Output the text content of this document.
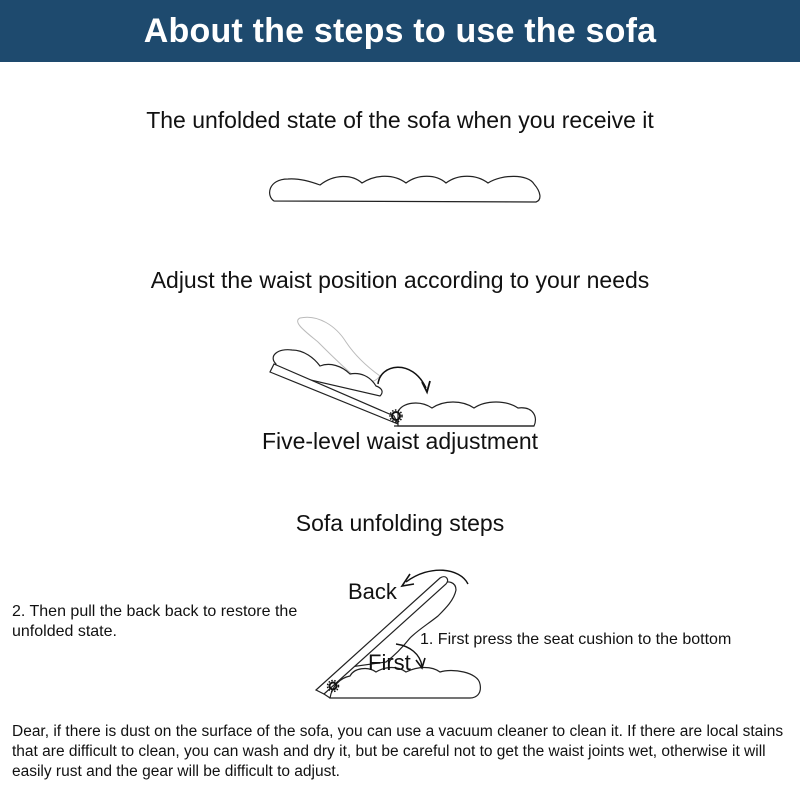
About the steps to use the sofa
The unfolded state of the sofa when you receive it
Adjust the waist position according to your needs
Five-level waist adjustment
Sofa unfolding steps
2. Then pull the back back to restore the unfolded state.
Back
First
1. First press the seat cushion to the bottom
Dear, if there is dust on the surface of the sofa, you can use a vacuum cleaner to clean it. If there are local stains that are difficult to clean, you can wash and dry it, but be careful not to get the waist joints wet, otherwise it will easily rust and the gear will be difficult to adjust.
